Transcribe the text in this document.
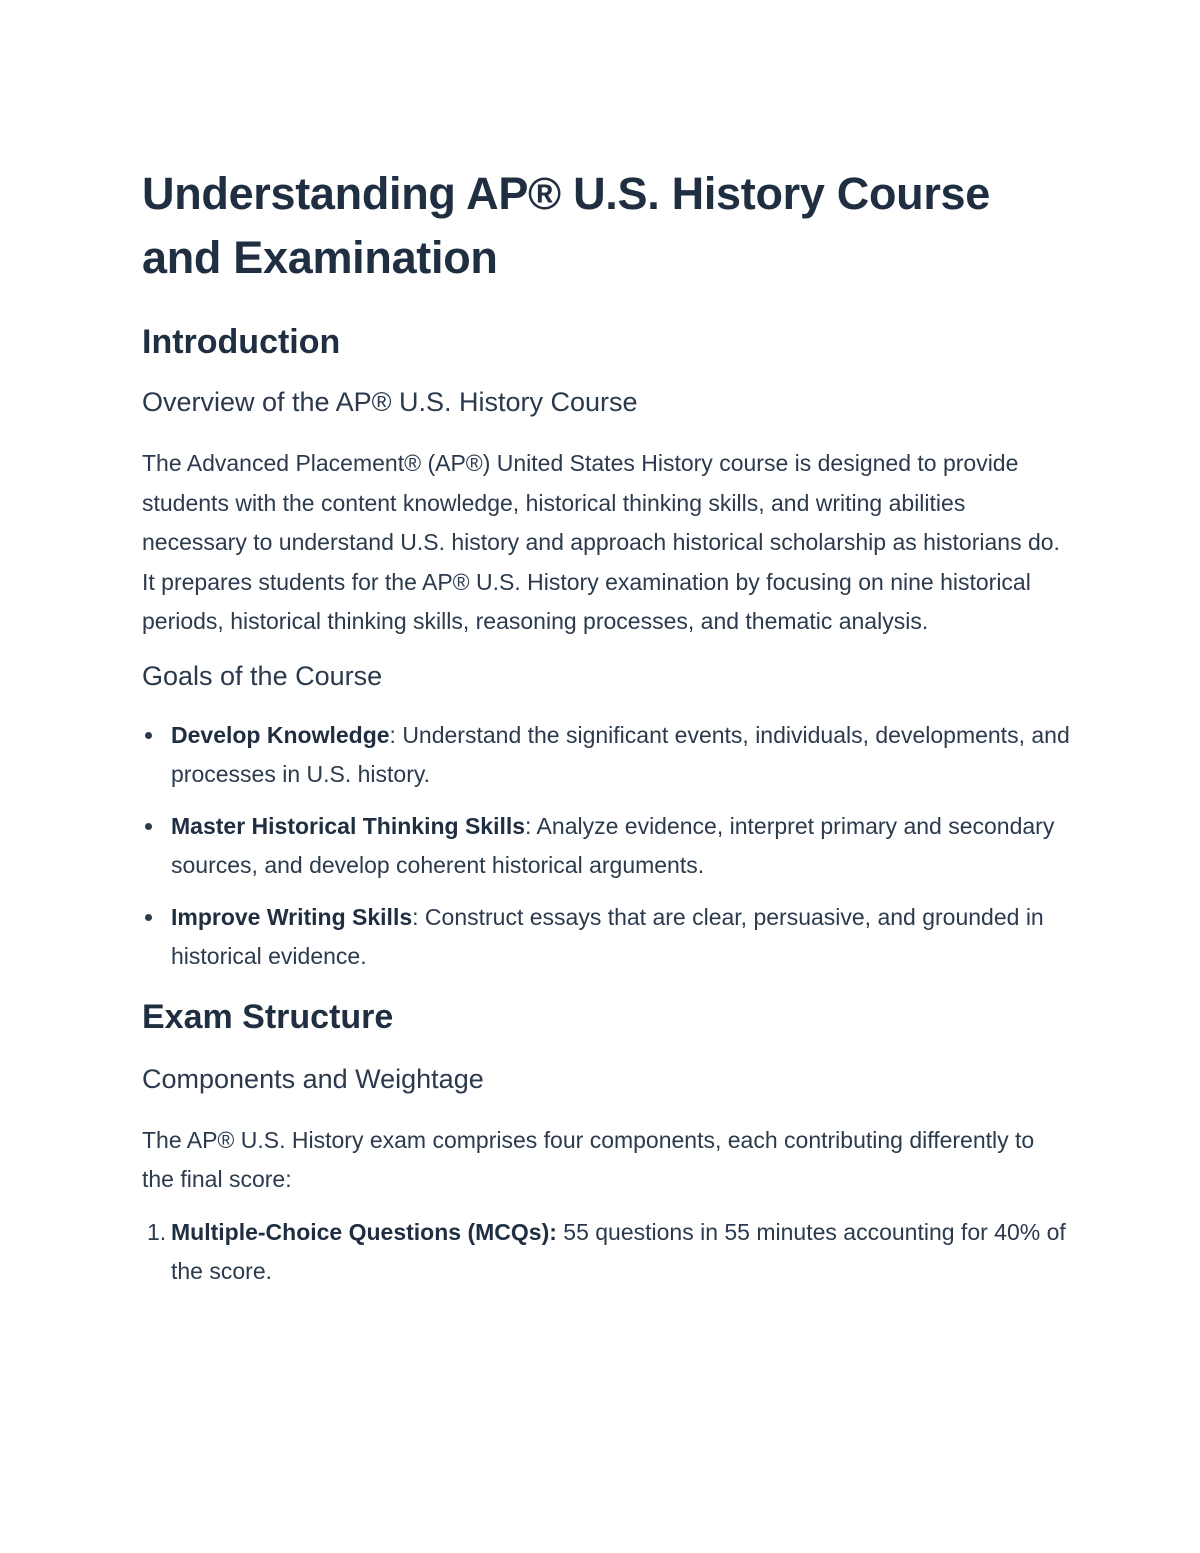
Understanding AP® U.S. History Course and Examination
Introduction
Overview of the AP® U.S. History Course

The Advanced Placement® (AP®) United States History course is designed to provide students with the content knowledge, historical thinking skills, and writing abilities necessary to understand U.S. history and approach historical scholarship as historians do. It prepares students for the AP® U.S. History examination by focusing on nine historical periods, historical thinking skills, reasoning processes, and thematic analysis.

Goals of the Course
Develop Knowledge: Understand the significant events, individuals, developments, and processes in U.S. history.
Master Historical Thinking Skills: Analyze evidence, interpret primary and secondary sources, and develop coherent historical arguments.
Improve Writing Skills: Construct essays that are clear, persuasive, and grounded in historical evidence.
Exam Structure
Components and Weightage

The AP® U.S. History exam comprises four components, each contributing differently to the final score:

1. Multiple-Choice Questions (MCQs): 55 questions in 55 minutes accounting for 40% of the score.
